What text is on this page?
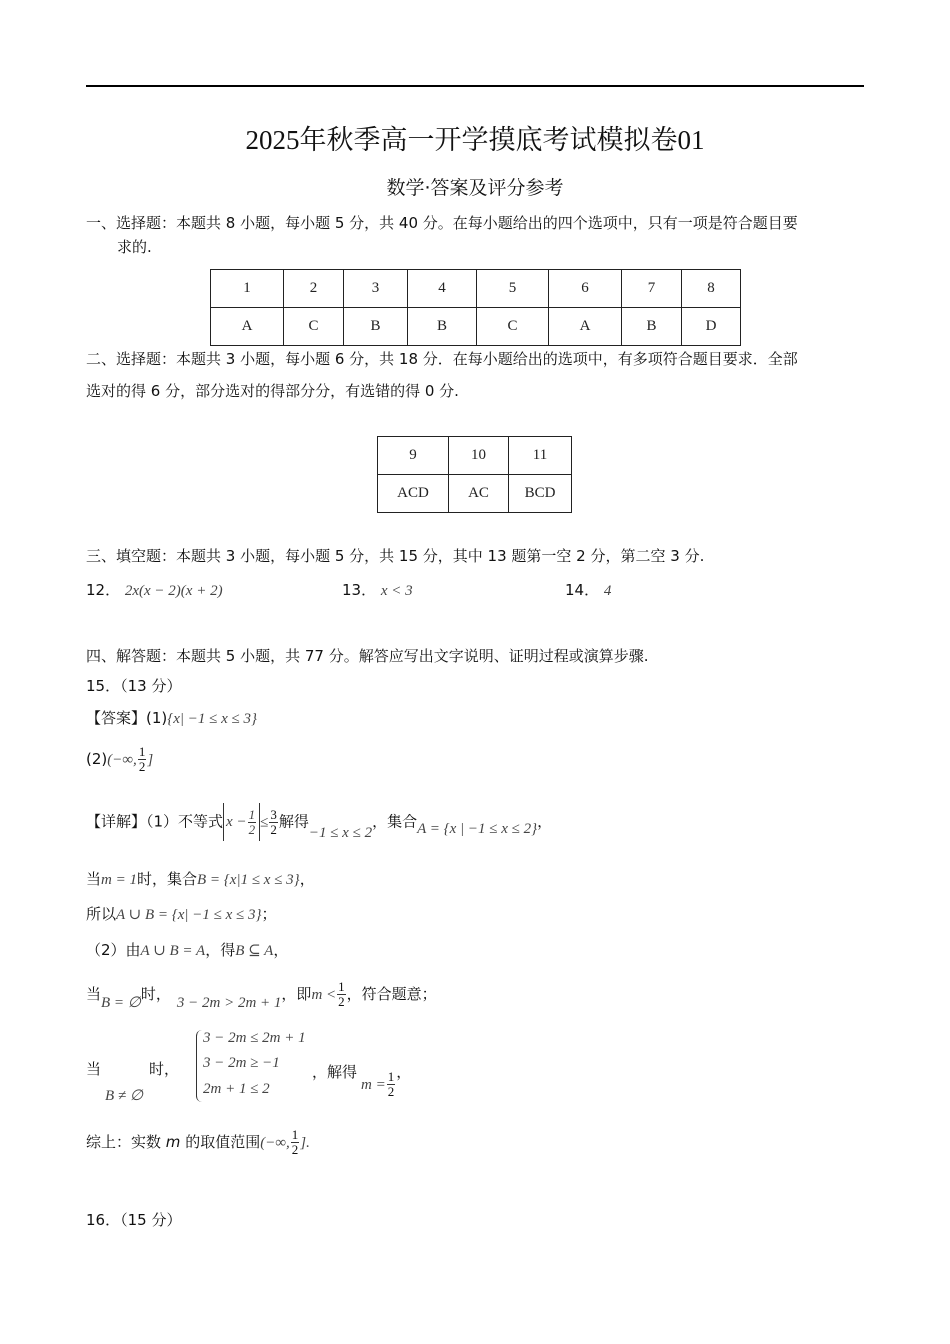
2025年秋季高一开学摸底考试模拟卷01
数学·答案及评分参考
一、选择题：本题共 8 小题，每小题 5 分，共 40 分。在每小题给出的四个选项中，只有一项是符合题目要
求的.
1	2	3	4	5	6	7	8
A	C	B	B	C	A	B	D
二、选择题：本题共 3 小题，每小题 6 分，共 18 分．在每小题给出的选项中，有多项符合题目要求．全部
选对的得 6 分，部分选对的得部分分，有选错的得 0 分.
9	10	11
ACD	AC	BCD
三、填空题：本题共 3 小题，每小题 5 分，共 15 分，其中 13 题第一空 2 分，第二空 3 分.
12． 2x(x − 2)(x + 2)	13． x < 3	14． 4
四、解答题：本题共 5 小题，共 77 分。解答应写出文字说明、证明过程或演算步骤.
15．（13 分）
【答案】(1){x| −1 ≤ x ≤ 3}
(2)(−∞, $\frac{1}{2}$ ]
【详解】（1）不等式 $x - \frac{1}{2} \le \frac{3}{2}$ 解得−1 ≤ x ≤ 2，集合A = {x | −1 ≤ x ≤ 2}，
当m = 1时，集合B = {x|1 ≤ x ≤ 3}，
所以A ∪ B = {x| −1 ≤ x ≤ 3}；
（2）由A ∪ B = A，得B ⊆ A，
当B = ∅时， 3 − 2m > 2m + 1，即$m < \frac{1}{2}$ ，符合题意；
当	时，
B ≠ ∅
3 − 2m ≤ 2m + 1
3 − 2m ≥ −1
2m + 1 ≤ 2
，解得$m = \frac{1}{2}$ ，
综上：实数 m 的取值范围(−∞, $\frac{1}{2}$ ].
16．（15 分）
